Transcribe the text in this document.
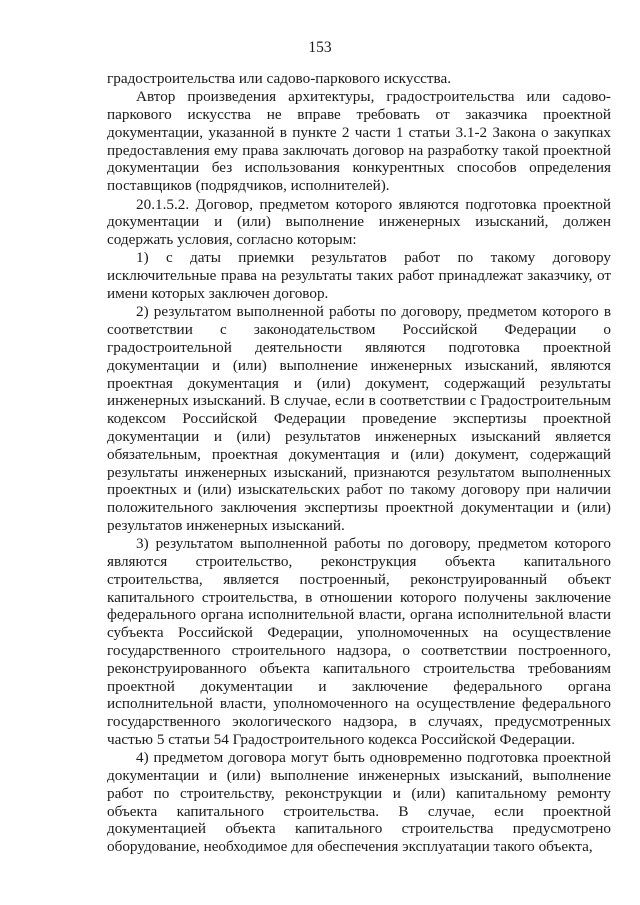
153

градостроительства или садово-паркового искусства.

Автор произведения архитектуры, градостроительства или садово-паркового искусства не вправе требовать от заказчика проектной документации, указанной в пункте 2 части 1 статьи 3.1-2 Закона о закупках предоставления ему права заключать договор на разработку такой проектной документации без использования конкурентных способов определения поставщиков (подрядчиков, исполнителей).

20.1.5.2. Договор, предметом которого являются подготовка проектной документации и (или) выполнение инженерных изысканий, должен содержать условия, согласно которым:

1) с даты приемки результатов работ по такому договору исключительные права на результаты таких работ принадлежат заказчику, от имени которых заключен договор.

2) результатом выполненной работы по договору, предметом которого в соответствии с законодательством Российской Федерации о градостроительной деятельности являются подготовка проектной документации и (или) выполнение инженерных изысканий, являются проектная документация и (или) документ, содержащий результаты инженерных изысканий. В случае, если в соответствии с Градостроительным кодексом Российской Федерации проведение экспертизы проектной документации и (или) результатов инженерных изысканий является обязательным, проектная документация и (или) документ, содержащий результаты инженерных изысканий, признаются результатом выполненных проектных и (или) изыскательских работ по такому договору при наличии положительного заключения экспертизы проектной документации и (или) результатов инженерных изысканий.

3) результатом выполненной работы по договору, предметом которого являются строительство, реконструкция объекта капитального строительства, является построенный, реконструированный объект капитального строительства, в отношении которого получены заключение федерального органа исполнительной власти, органа исполнительной власти субъекта Российской Федерации, уполномоченных на осуществление государственного строительного надзора, о соответствии построенного, реконструированного объекта капитального строительства требованиям проектной документации и заключение федерального органа исполнительной власти, уполномоченного на осуществление федерального государственного экологического надзора, в случаях, предусмотренных частью 5 статьи 54 Градостроительного кодекса Российской Федерации.

4) предметом договора могут быть одновременно подготовка проектной документации и (или) выполнение инженерных изысканий, выполнение работ по строительству, реконструкции и (или) капитальному ремонту объекта капитального строительства. В случае, если проектной документацией объекта капитального строительства предусмотрено оборудование, необходимое для обеспечения эксплуатации такого объекта,
